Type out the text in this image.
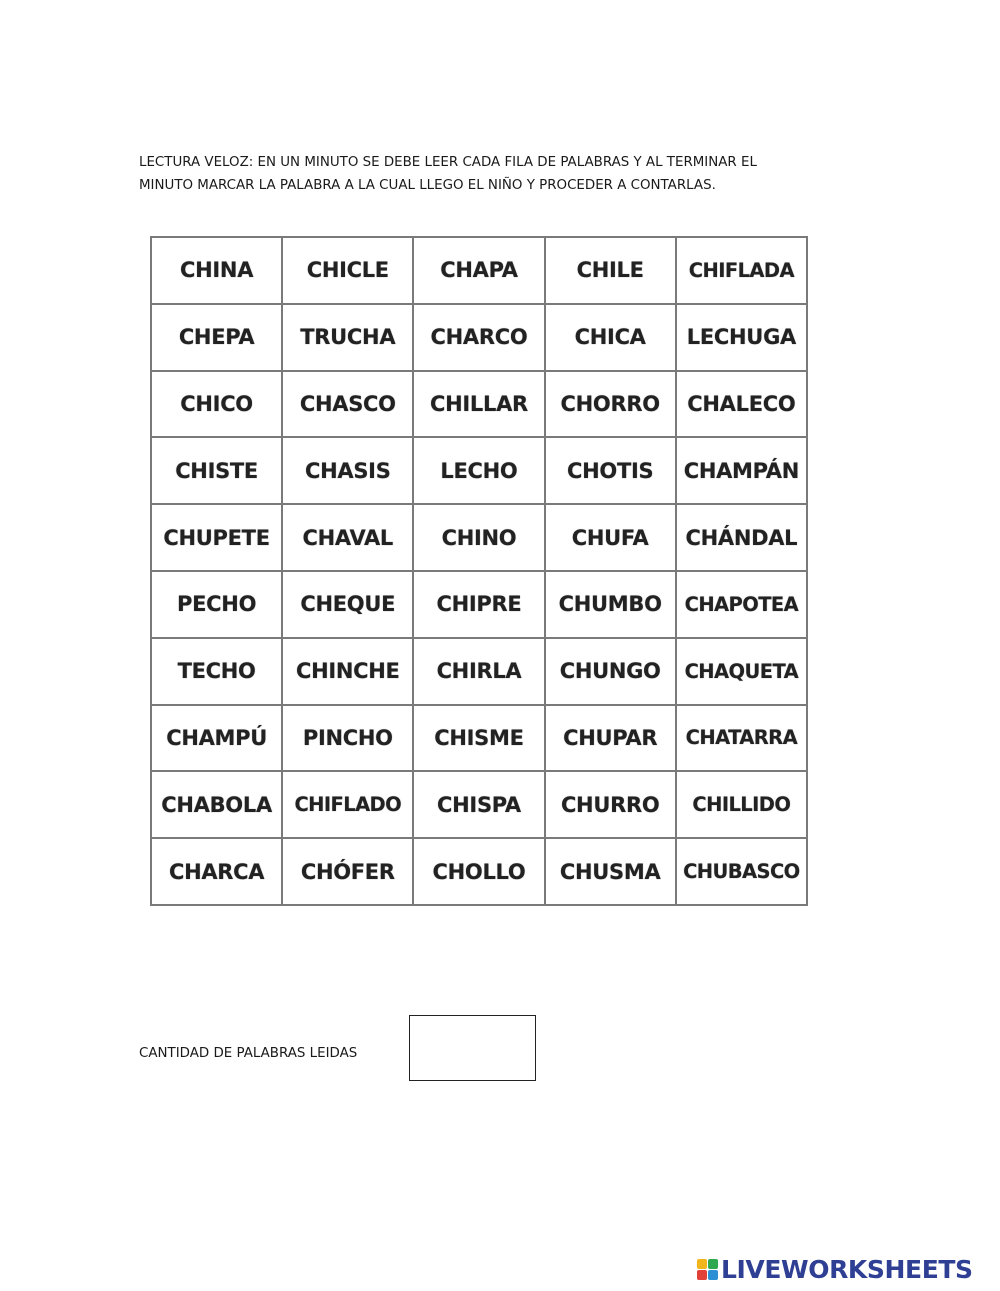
LECTURA VELOZ: EN UN MINUTO SE DEBE LEER CADA FILA DE PALABRAS Y AL TERMINAR EL

MINUTO MARCAR LA PALABRA A LA CUAL LLEGO EL NIÑO Y PROCEDER A CONTARLAS.

CHINA	CHICLE	CHAPA	CHILE	CHIFLADA
CHEPA	TRUCHA	CHARCO	CHICA	LECHUGA
CHICO	CHASCO	CHILLAR	CHORRO	CHALECO
CHISTE	CHASIS	LECHO	CHOTIS	CHAMPÁN
CHUPETE	CHAVAL	CHINO	CHUFA	CHÁNDAL
PECHO	CHEQUE	CHIPRE	CHUMBO	CHAPOTEA
TECHO	CHINCHE	CHIRLA	CHUNGO	CHAQUETA
CHAMPÚ	PINCHO	CHISME	CHUPAR	CHATARRA
CHABOLA	CHIFLADO	CHISPA	CHURRO	CHILLIDO
CHARCA	CHÓFER	CHOLLO	CHUSMA	CHUBASCO
CANTIDAD DE PALABRAS LEIDAS
LIVEWORKSHEETS
